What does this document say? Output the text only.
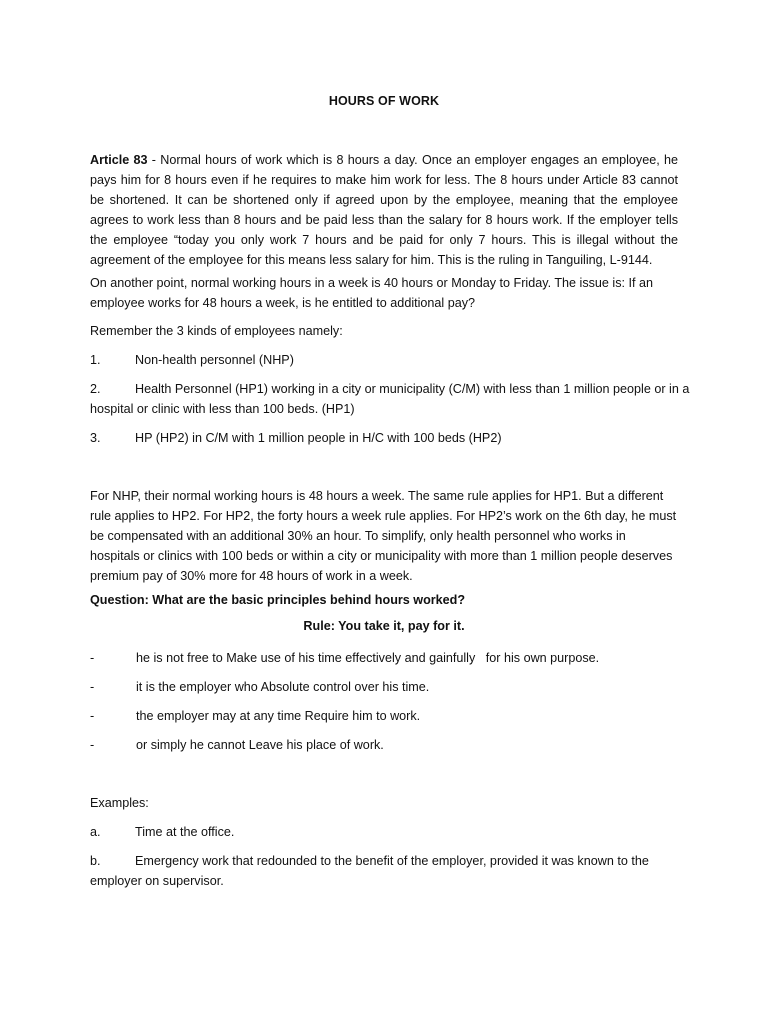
HOURS OF WORK
Article 83 - Normal hours of work which is 8 hours a day. Once an employer engages an employee, he pays him for 8 hours even if he requires to make him work for less. The 8 hours under Article 83 cannot be shortened. It can be shortened only if agreed upon by the employee, meaning that the employee agrees to work less than 8 hours and be paid less than the salary for 8 hours work. If the employer tells the employee “today you only work 7 hours and be paid for only 7 hours. This is illegal without the agreement of the employee for this means less salary for him. This is the ruling in Tanguiling, L-9144.
On another point, normal working hours in a week is 40 hours or Monday to Friday. The issue is: If an employee works for 48 hours a week, is he entitled to additional pay?
Remember the 3 kinds of employees namely:
1.	Non-health personnel (NHP)
2.	Health Personnel (HP1) working in a city or municipality (C/M) with less than 1 million people or in a hospital or clinic with less than 100 beds. (HP1)
3.	HP (HP2) in C/M with 1 million people in H/C with 100 beds (HP2)
For NHP, their normal working hours is 48 hours a week. The same rule applies for HP1. But a different rule applies to HP2. For HP2, the forty hours a week rule applies. For HP2’s work on the 6th day, he must be compensated with an additional 30% an hour. To simplify, only health personnel who works in hospitals or clinics with 100 beds or within a city or municipality with more than 1 million people deserves premium pay of 30% more for 48 hours of work in a week.
Question: What are the basic principles behind hours worked?
Rule: You take it, pay for it.
-	he is not free to Make use of his time effectively and gainfully   for his own purpose.
-	it is the employer who Absolute control over his time.
-	the employer may at any time Require him to work.
-	or simply he cannot Leave his place of work.
Examples:
a.	Time at the office.
b.	Emergency work that redounded to the benefit of the employer, provided it was known to the employer on supervisor.
